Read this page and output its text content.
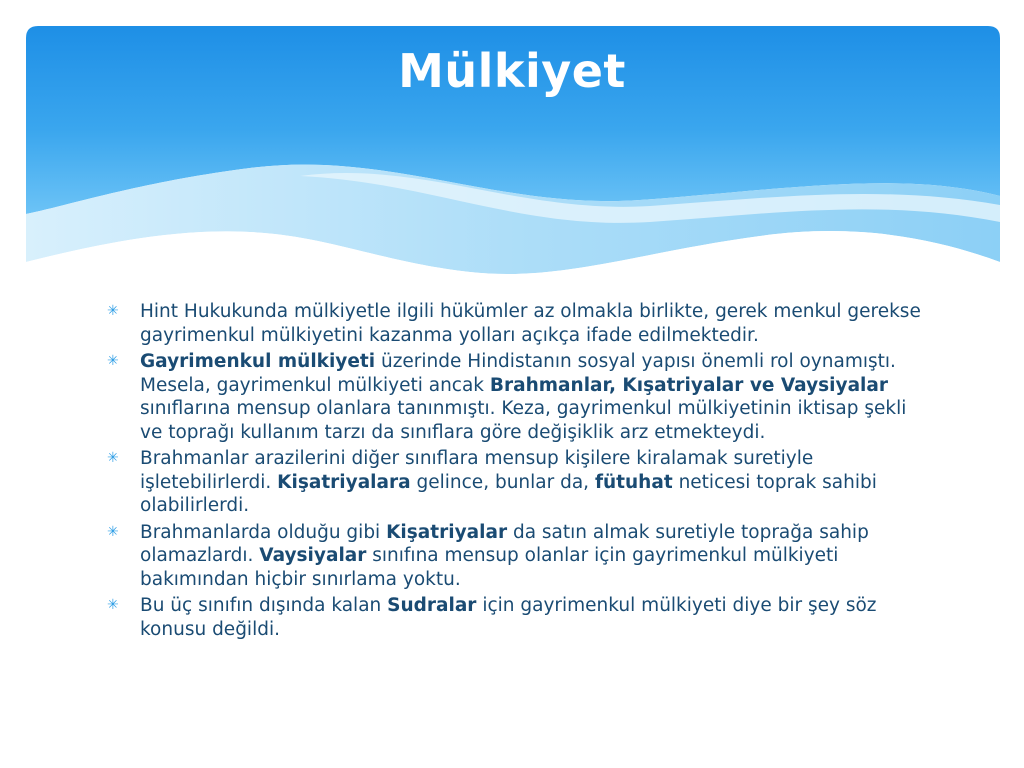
Mülkiyet
✳ Hint Hukukunda mülkiyetle ilgili hükümler az olmakla birlikte, gerek menkul gerekse gayrimenkul mülkiyetini kazanma yolları açıkça ifade edilmektedir.
✳ Gayrimenkul mülkiyeti üzerinde Hindistanın sosyal yapısı önemli rol oynamıştı. Mesela, gayrimenkul mülkiyeti ancak Brahmanlar, Kışatriyalar ve Vaysiyalar sınıflarına mensup olanlara tanınmıştı. Keza, gayrimenkul mülkiyetinin iktisap şekli ve toprağı kullanım tarzı da sınıflara göre değişiklik arz etmekteydi.
✳ Brahmanlar arazilerini diğer sınıflara mensup kişilere kiralamak suretiyle işletebilirlerdi. Kişatriyalara gelince, bunlar da, fütuhat neticesi toprak sahibi olabilirlerdi.
✳ Brahmanlarda olduğu gibi Kişatriyalar da satın almak suretiyle toprağa sahip olamazlardı. Vaysiyalar sınıfına mensup olanlar için gayrimenkul mülkiyeti bakımından hiçbir sınırlama yoktu.
✳ Bu üç sınıfın dışında kalan Sudralar için gayrimenkul mülkiyeti diye bir şey söz konusu değildi.
